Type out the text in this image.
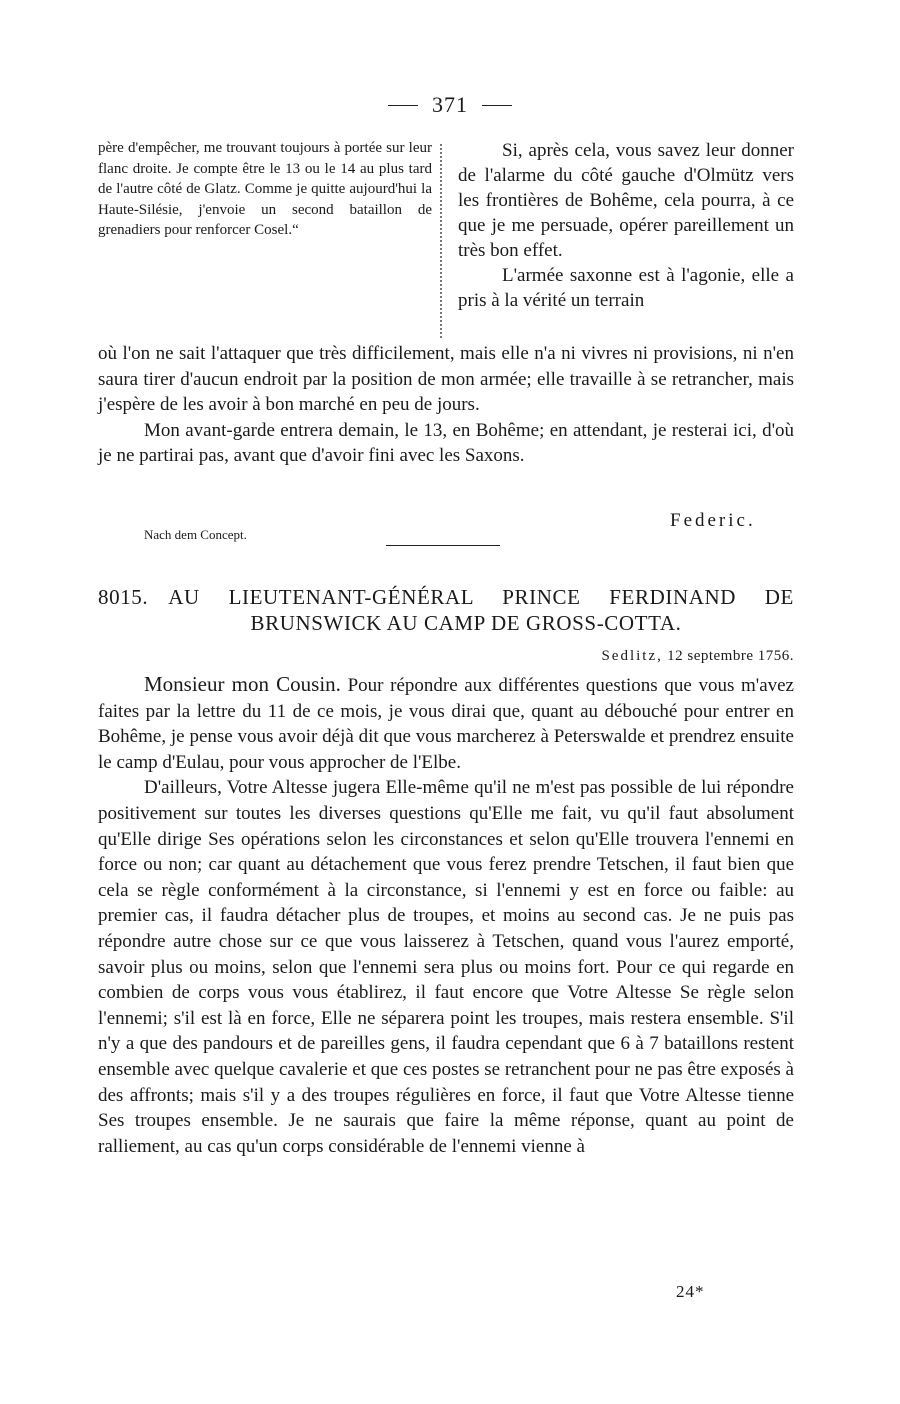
371

père d'empêcher, me trouvant toujours à portée sur leur flanc droite. Je compte être le 13 ou le 14 au plus tard de l'autre côté de Glatz. Comme je quitte aujourd'hui la Haute-Silésie, j'envoie un second bataillon de grenadiers pour renforcer Cosel.“

Si, après cela, vous savez leur donner de l'alarme du côté gauche d'Olmütz vers les frontières de Bohême, cela pourra, à ce que je me persuade, opérer pareillement un très bon effet.

L'armée saxonne est à l'agonie, elle a pris à la vérité un terrain

où l'on ne sait l'attaquer que très difficilement, mais elle n'a ni vivres ni provisions, ni n'en saura tirer d'aucun endroit par la position de mon armée; elle travaille à se retrancher, mais j'espère de les avoir à bon marché en peu de jours.

Mon avant-garde entrera demain, le 13, en Bohême; en attendant, je resterai ici, d'où je ne partirai pas, avant que d'avoir fini avec les Saxons.

Federic.
Nach dem Concept.
8015. AU LIEUTENANT-GÉNÉRAL PRINCE FERDINAND DE
BRUNSWICK AU CAMP DE GROSS-COTTA.
Sedlitz, 12 septembre 1756.

Monsieur mon Cousin. Pour répondre aux différentes questions que vous m'avez faites par la lettre du 11 de ce mois, je vous dirai que, quant au débouché pour entrer en Bohême, je pense vous avoir déjà dit que vous marcherez à Peterswalde et prendrez ensuite le camp d'Eulau, pour vous approcher de l'Elbe.

D'ailleurs, Votre Altesse jugera Elle-même qu'il ne m'est pas possible de lui répondre positivement sur toutes les diverses questions qu'Elle me fait, vu qu'il faut absolument qu'Elle dirige Ses opérations selon les circonstances et selon qu'Elle trouvera l'ennemi en force ou non; car quant au détachement que vous ferez prendre Tetschen, il faut bien que cela se règle conformément à la circonstance, si l'ennemi y est en force ou faible: au premier cas, il faudra détacher plus de troupes, et moins au second cas. Je ne puis pas répondre autre chose sur ce que vous laisserez à Tetschen, quand vous l'aurez emporté, savoir plus ou moins, selon que l'ennemi sera plus ou moins fort. Pour ce qui regarde en combien de corps vous vous établirez, il faut encore que Votre Altesse Se règle selon l'ennemi; s'il est là en force, Elle ne séparera point les troupes, mais restera ensemble. S'il n'y a que des pandours et de pareilles gens, il faudra cependant que 6 à 7 bataillons restent ensemble avec quelque cavalerie et que ces postes se retranchent pour ne pas être exposés à des affronts; mais s'il y a des troupes régulières en force, il faut que Votre Altesse tienne Ses troupes ensemble. Je ne saurais que faire la même réponse, quant au point de ralliement, au cas qu'un corps considérable de l'ennemi vienne à

24*
